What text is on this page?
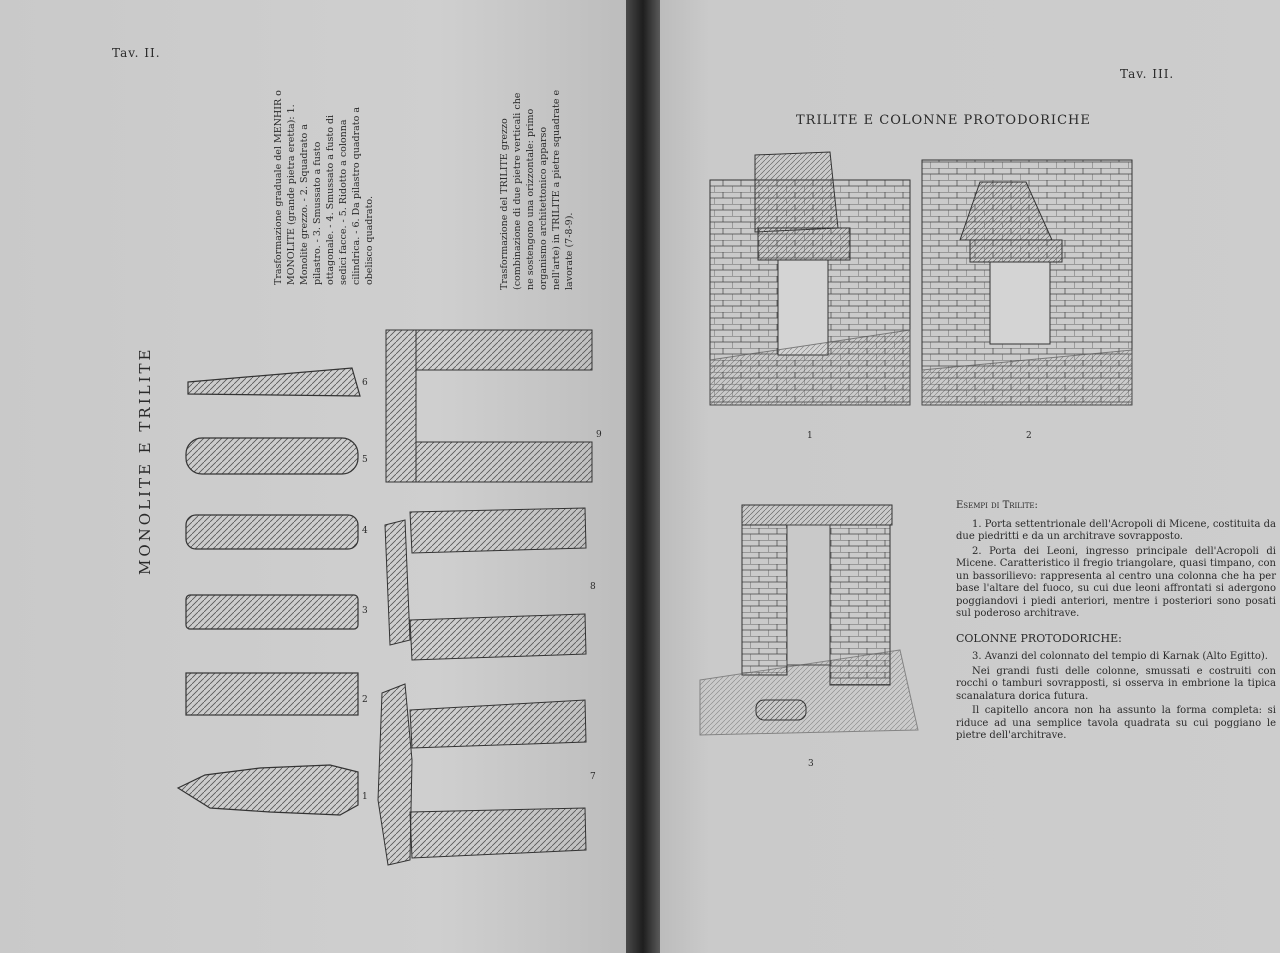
Tav. II.
MONOLITE E TRILITE
Trasformazione graduale del MENHIR o MONOLITE (grande pietra eretta): 1. Monolite grezzo. - 2. Squadrato a pilastro. - 3. Smussato a fusto ottagonale. - 4. Smussato a fusto di sedici facce. - 5. Ridotto a colonna cilindrica. - 6. Da pilastro quadrato a obelisco quadrato.	Trasformazione del TRILITE grezzo (combinazione di due pietre verticali che ne sostengono una orizzontale: primo organismo architettonico apparso nell'arte) in TRILITE a pietre squadrate e lavorate (7-8-9).
1
2
3
4
5
6
7
8
9
Tav. III.
TRILITE E COLONNE PROTODORICHE
1	2
3

Esempi di Trilite:

1. Porta settentrionale dell'Acropoli di Micene, costituita da due piedritti e da un architrave sovrapposto.

2. Porta dei Leoni, ingresso principale dell'Acropoli di Micene. Caratteristico il fregio triangolare, quasi timpano, con un bassorilievo: rappresenta al centro una colonna che ha per base l'altare del fuoco, su cui due leoni affrontati si adergono poggiandovi i piedi anteriori, mentre i posteriori sono posati sul poderoso architrave.

COLONNE PROTODORICHE:

3. Avanzi del colonnato del tempio di Karnak (Alto Egitto).

Nei grandi fusti delle colonne, smussati e costruiti con rocchi o tamburi sovrapposti, si osserva in embrione la tipica scanalatura dorica futura.

Il capitello ancora non ha assunto la forma completa: si riduce ad una semplice tavola quadrata su cui poggiano le pietre dell'architrave.
